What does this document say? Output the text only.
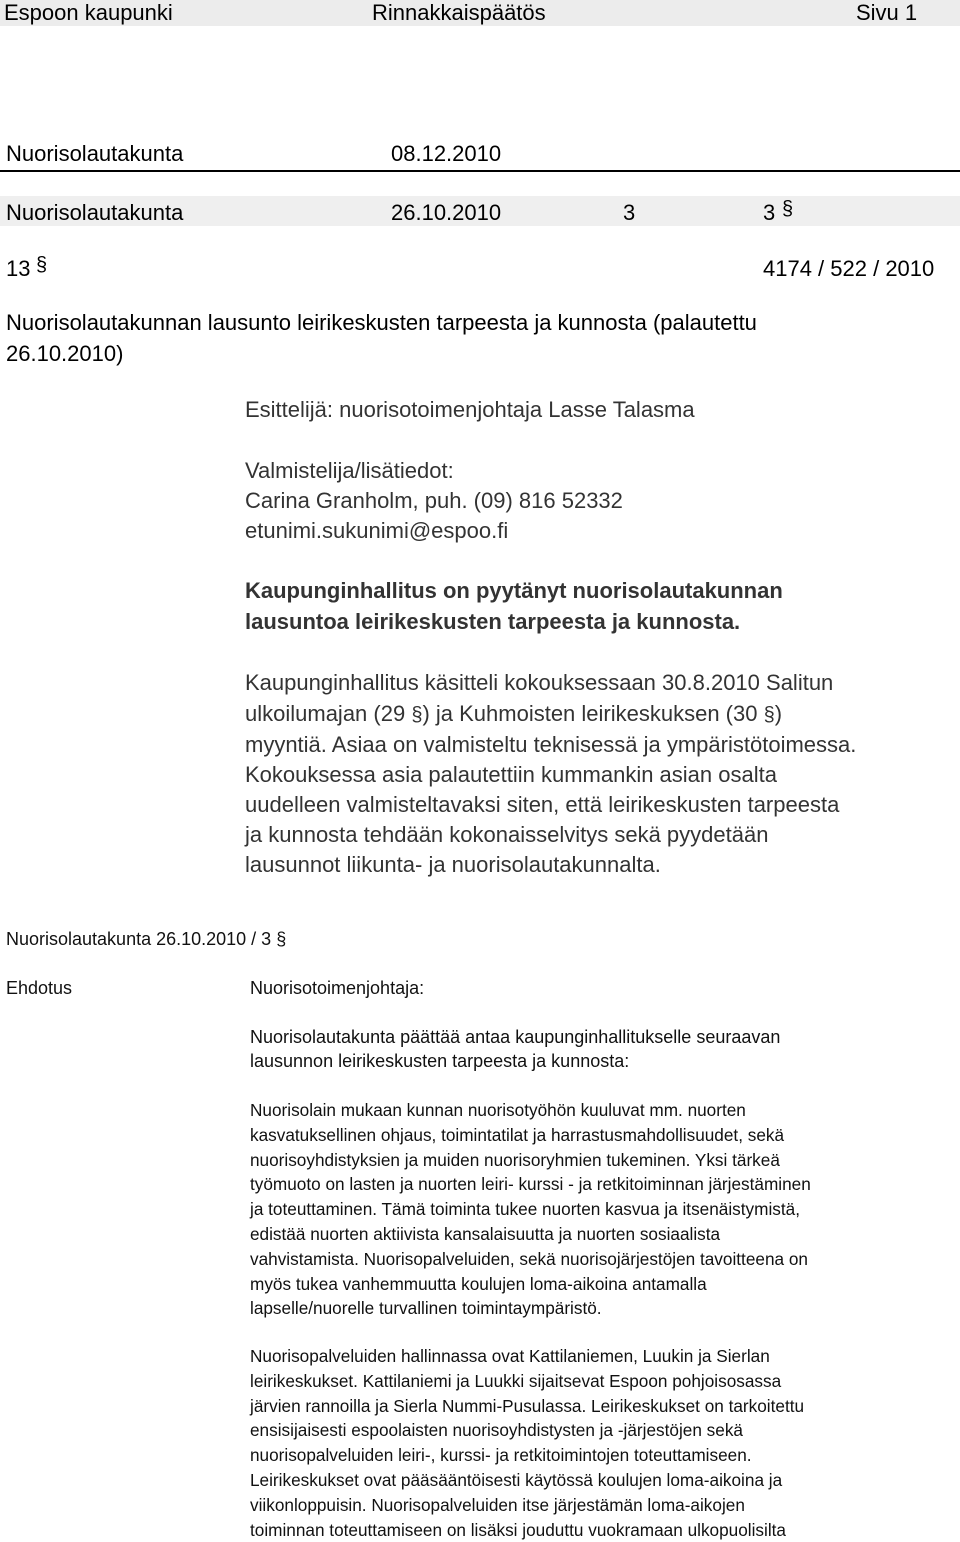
Espoon kaupunki	Rinnakkaispäätös	Sivu 1
Nuorisolautakunta	08.12.2010
Nuorisolautakunta	26.10.2010	3	3 §
13 §	4174 / 522 / 2010
Nuorisolautakunnan lausunto leirikeskusten tarpeesta ja kunnosta (palautettu
26.10.2010)
Esittelijä: nuorisotoimenjohtaja Lasse Talasma
Valmistelija/lisätiedot:
Carina Granholm, puh. (09) 816 52332
etunimi.sukunimi@espoo.fi
Kaupunginhallitus on pyytänyt nuorisolautakunnan
lausuntoa leirikeskusten tarpeesta ja kunnosta.
Kaupunginhallitus käsitteli kokouksessaan 30.8.2010 Salitun
ulkoilumajan (29 §) ja Kuhmoisten leirikeskuksen (30 §)
myyntiä. Asiaa on valmisteltu teknisessä ja ympäristötoimessa.
Kokouksessa asia palautettiin kummankin asian osalta
uudelleen valmisteltavaksi siten, että leirikeskusten tarpeesta
ja kunnosta tehdään kokonaisselvitys sekä pyydetään
lausunnot liikunta- ja nuorisolautakunnalta.
Nuorisolautakunta 26.10.2010 / 3 §
Ehdotus	Nuorisotoimenjohtaja:
Nuorisolautakunta päättää antaa kaupunginhallitukselle seuraavan
lausunnon leirikeskusten tarpeesta ja kunnosta:
Nuorisolain mukaan kunnan nuorisotyöhön kuuluvat mm. nuorten
kasvatuksellinen ohjaus, toimintatilat ja harrastusmahdollisuudet, sekä
nuorisoyhdistyksien ja muiden nuorisoryhmien tukeminen. Yksi tärkeä
työmuoto on lasten ja nuorten leiri- kurssi - ja retkitoiminnan järjestäminen
ja toteuttaminen. Tämä toiminta tukee nuorten kasvua ja itsenäistymistä,
edistää nuorten aktiivista kansalaisuutta ja nuorten sosiaalista
vahvistamista. Nuorisopalveluiden, sekä nuorisojärjestöjen tavoitteena on
myös tukea vanhemmuutta koulujen loma-aikoina antamalla
lapselle/nuorelle turvallinen toimintaympäristö.
Nuorisopalveluiden hallinnassa ovat Kattilaniemen, Luukin ja Sierlan
leirikeskukset. Kattilaniemi ja Luukki sijaitsevat Espoon pohjoisosassa
järvien rannoilla ja Sierla Nummi-Pusulassa. Leirikeskukset on tarkoitettu
ensisijaisesti espoolaisten nuorisoyhdistysten ja -järjestöjen sekä
nuorisopalveluiden leiri-, kurssi- ja retkitoimintojen toteuttamiseen.
Leirikeskukset ovat pääsääntöisesti käytössä koulujen loma-aikoina ja
viikonloppuisin. Nuorisopalveluiden itse järjestämän loma-aikojen
toiminnan toteuttamiseen on lisäksi jouduttu vuokramaan ulkopuolisilta
